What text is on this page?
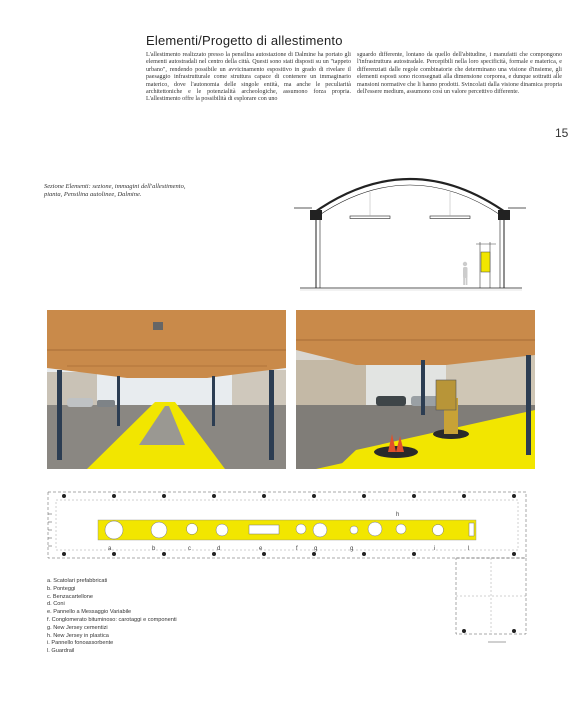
Elementi/Progetto di allestimento
L'allestimento realizzato presso la pensilina autostazione di Dalmine ha portato gli elementi autostradali nel centro della città. Questi sono stati disposti su un "tappeto urbano", rendendo possibile un avvicinamento espositivo in grado di rivelare il paesaggio infrastrutturale come struttura capace di contenere un immaginario materico, dove l'autonomia delle singole entità, ma anche le peculiarità architettoniche e le potenzialità archeologiche, assumono forza propria. L'allestimento offre la possibilità di esplorare con uno
sguardo differente, lontano da quello dell'abitudine, i manufatti che compongono l'infrastruttura autostradale. Percepibili nella loro specificità, formale e materica, e differenziati dalle regole combinatorie che determinano una visione d'insieme, gli elementi esposti sono riconsegnati alla dimensione corporea, e dunque sottratti alle mansioni normative che li hanno prodotti. Svincolati dalla visione dinamica propria dell'essere medium, assumono così un valore percettivo differente.
15
Sezione Elementi: sezione, immagini dell'allestimento, pianta, Pensilina autolinee, Dalmine.
a	b	c	d	e	f	g	g
h
i	l
a. Scatolari prefabbricati
b. Ponteggi
c. Benzacartellone
d. Coni
e. Pannello a Messaggio Variabile
f. Conglomerato bituminoso: carotaggi e componenti
g. New Jersey cementizi
h. New Jersey in plastica
i. Pannello fonoassorbente
l. Guardrail
